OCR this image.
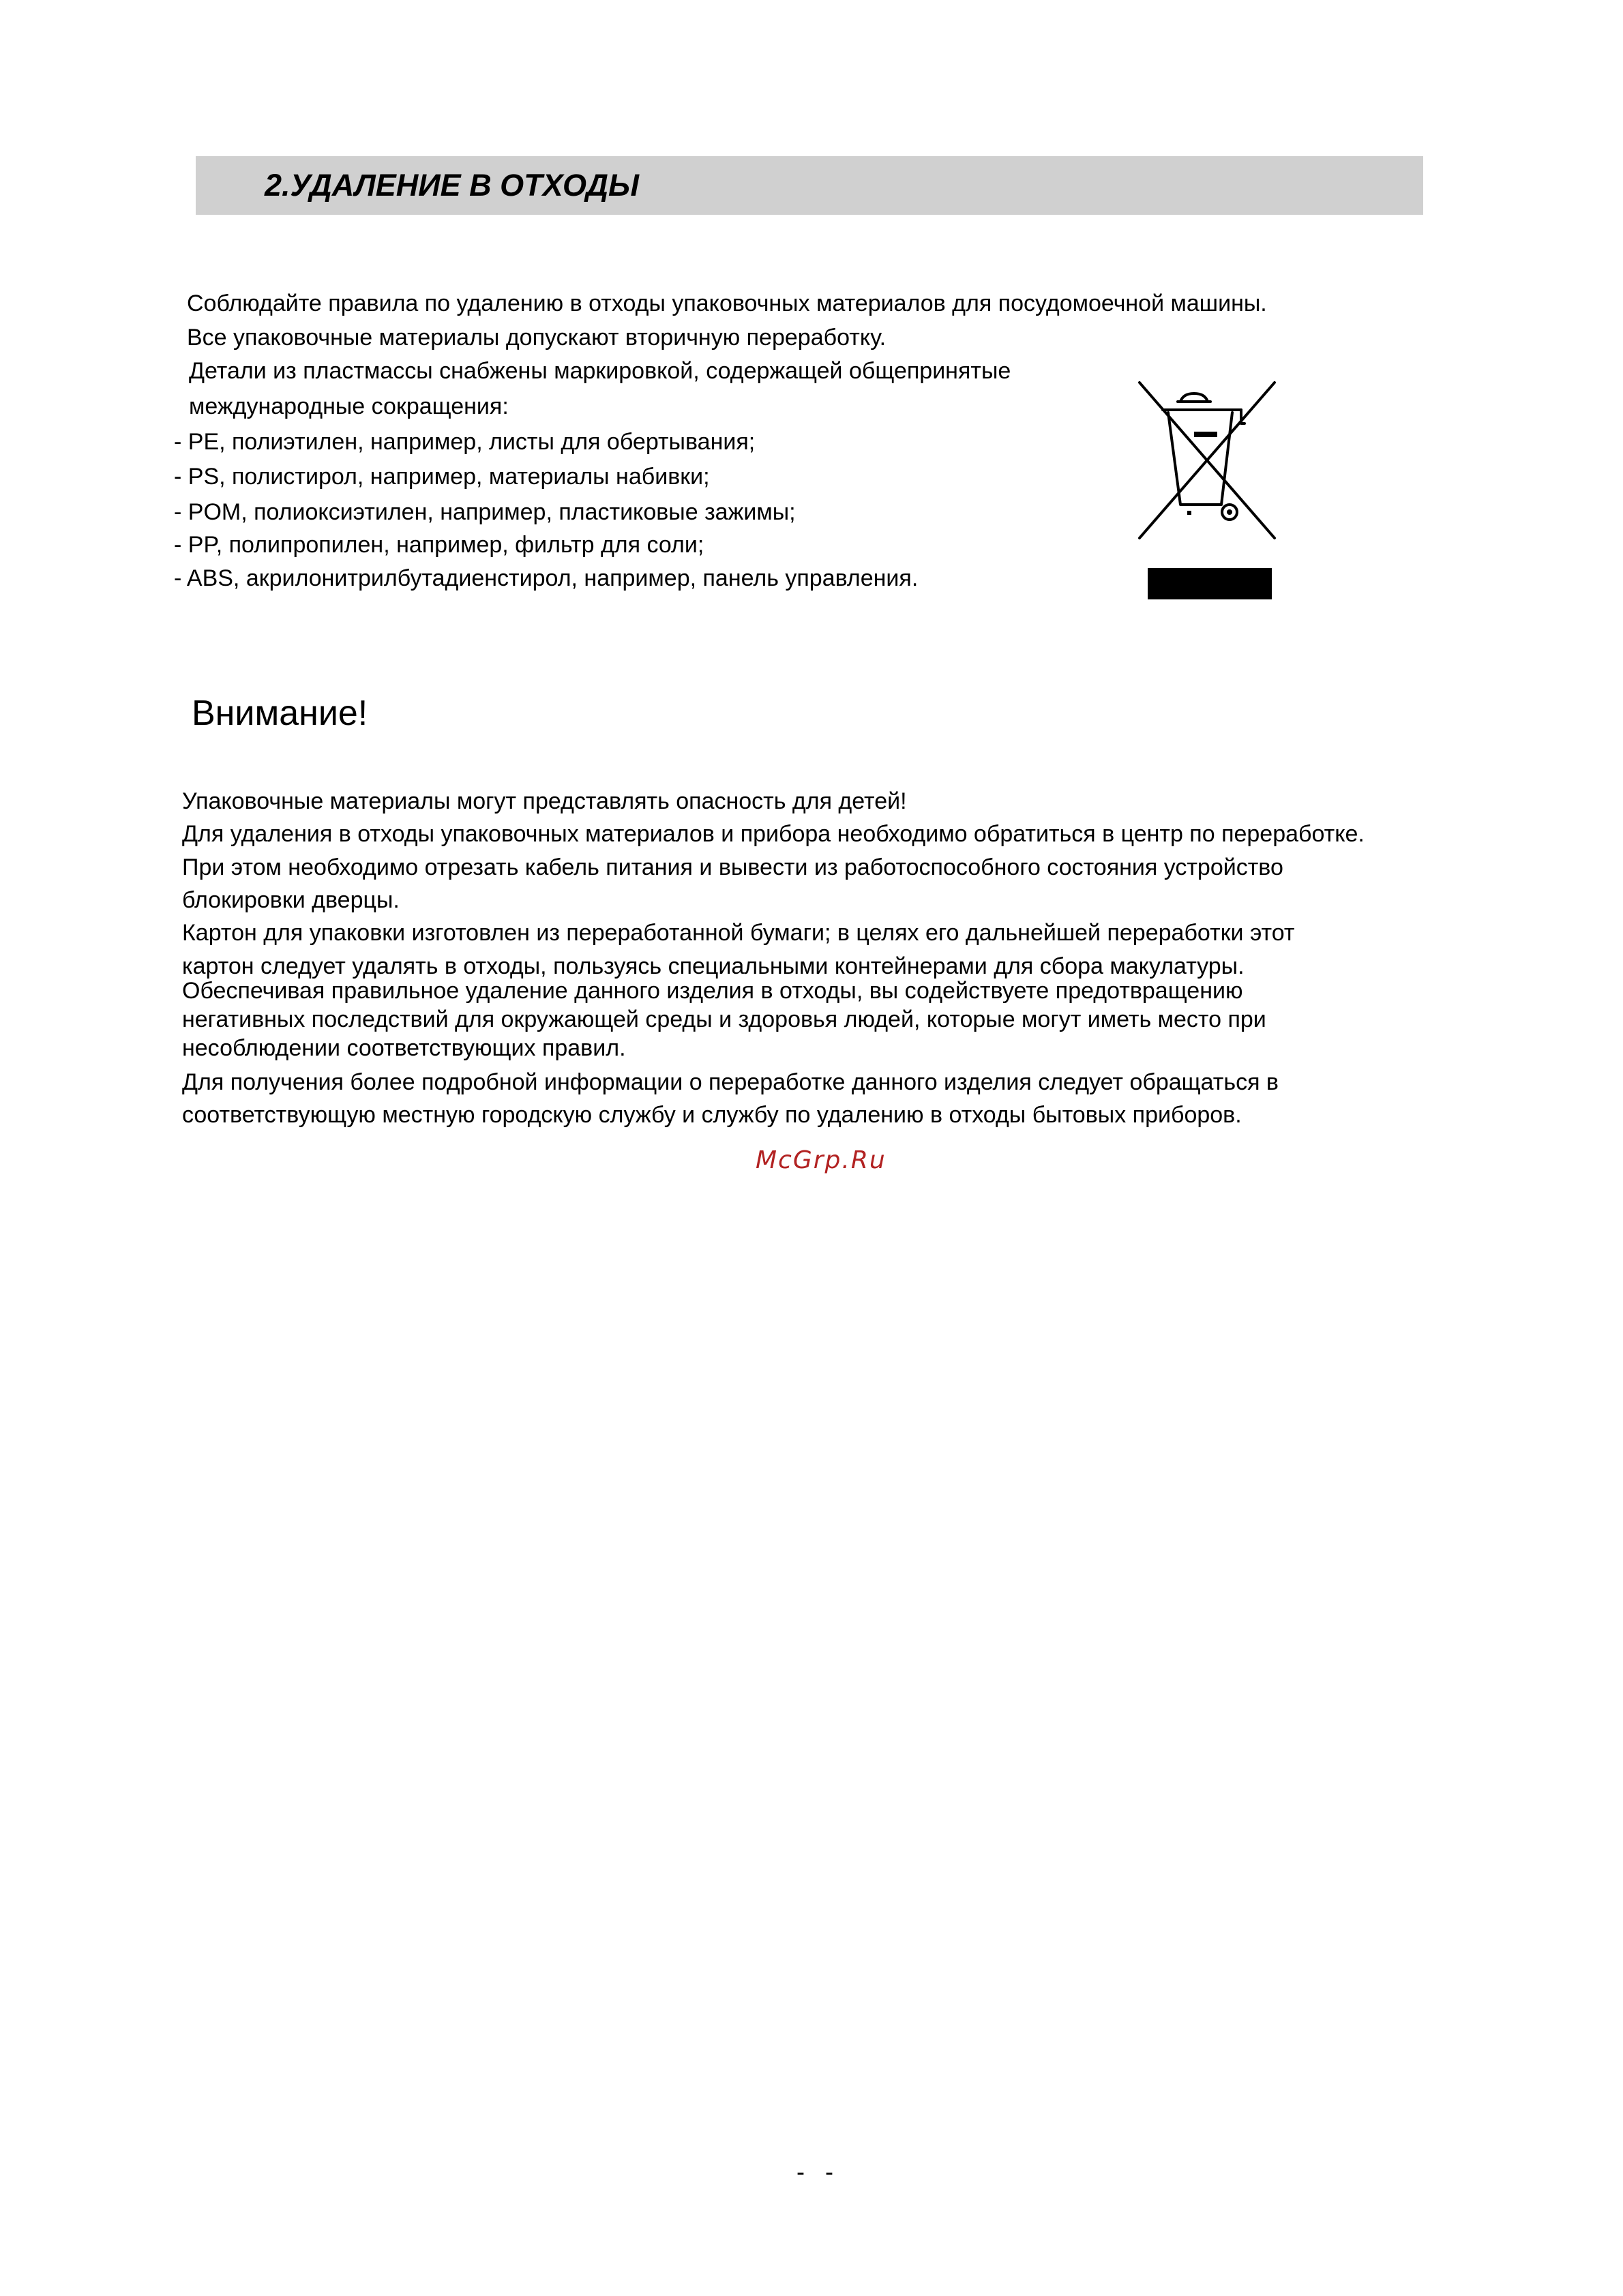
2.УДАЛЕНИЕ В ОТХОДЫ

Соблюдайте правила по удалению в отходы упаковочных материалов для посудомоечной машины.

Все упаковочные материалы допускают вторичную переработку.

Детали из пластмассы снабжены маркировкой, содержащей общепринятые

международные сокращения:

- PE, полиэтилен, например, листы для обертывания;

- PS, полистирол, например, материалы набивки;

- POM, полиоксиэтилен, например, пластиковые зажимы;

- PP, полипропилен, например, фильтр для соли;

- ABS, акрилонитрилбутадиенстирол, например, панель управления.

Внимание!

Упаковочные материалы могут представлять опасность для детей!

Для удаления в отходы упаковочных материалов и прибора необходимо обратиться в центр по переработке.

При этом необходимо отрезать кабель питания и вывести из работоспособного состояния устройство

блокировки дверцы.

Картон для упаковки изготовлен из переработанной бумаги; в целях его дальнейшей переработки этот

картон следует удалять в отходы, пользуясь специальными контейнерами для сбора макулатуры.

Обеспечивая правильное удаление данного изделия в отходы, вы содействуете предотвращению

негативных последствий для окружающей среды и здоровья людей, которые могут иметь место при

несоблюдении соответствующих правил.

Для получения более подробной информации о переработке данного изделия следует обращаться в

соответствующую местную городскую службу и службу по удалению в отходы бытовых приборов.

McGrp.Ru

-   -
